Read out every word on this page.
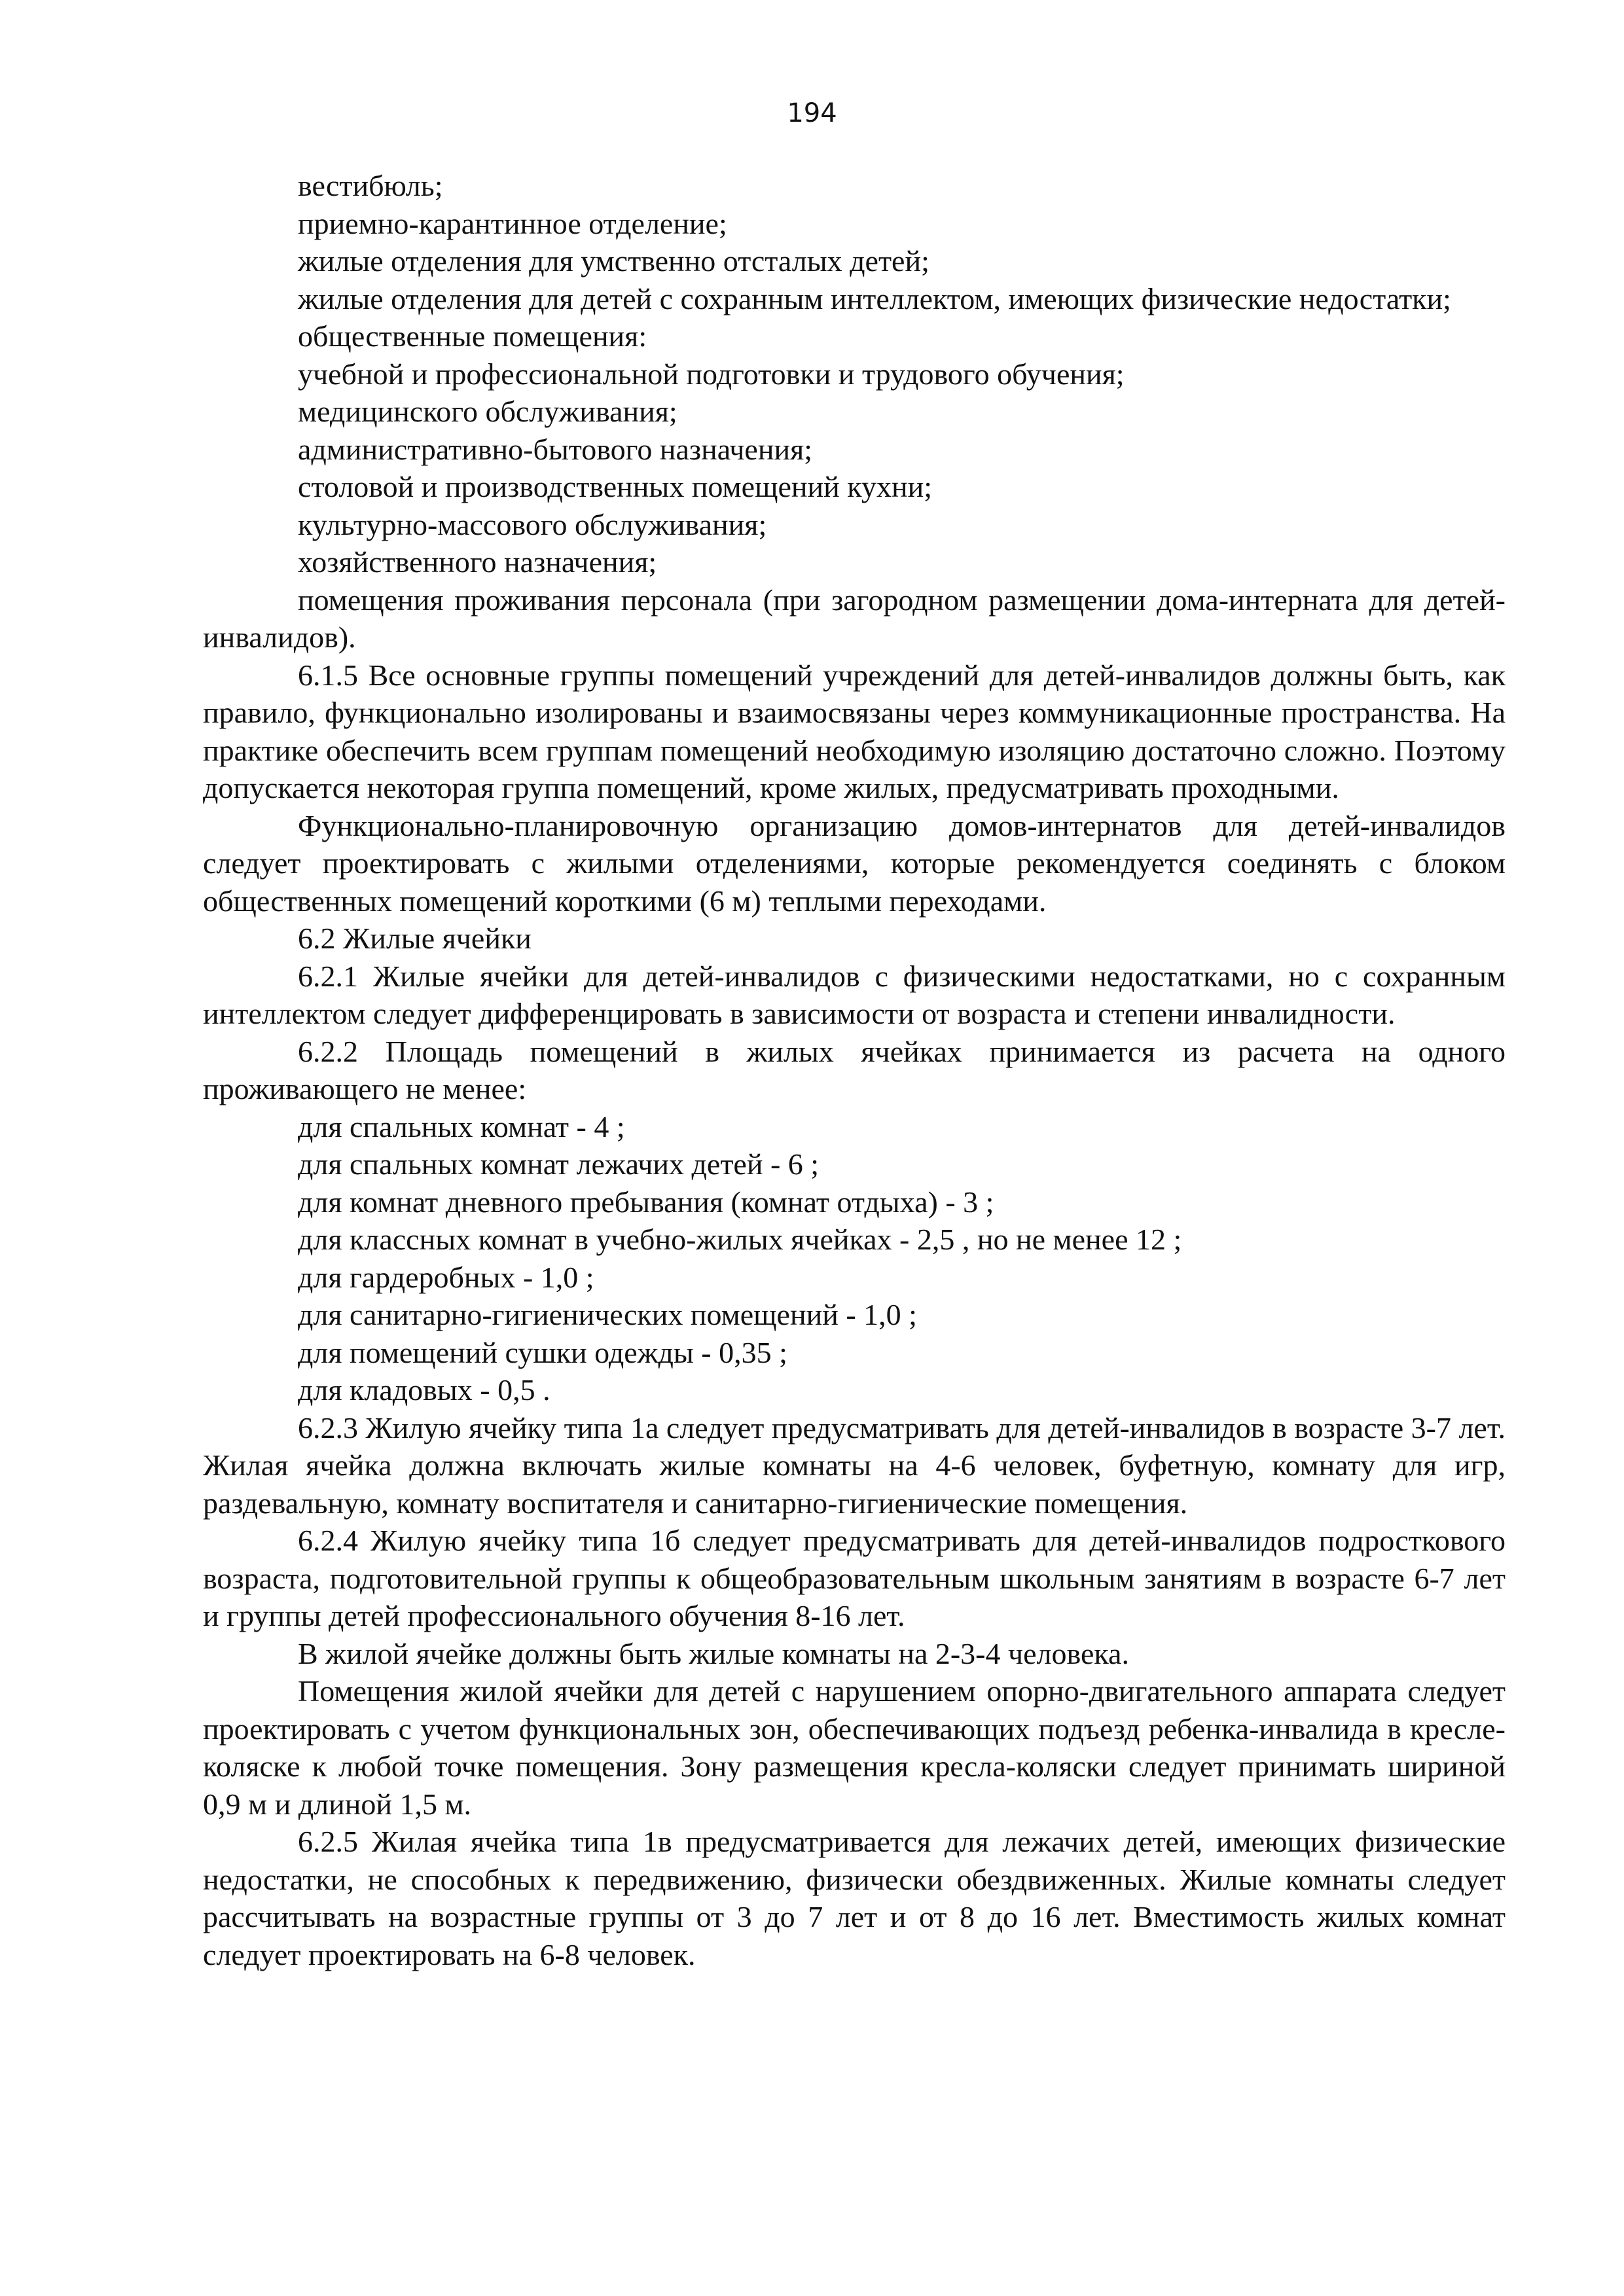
194

вестибюль;

приемно-карантинное отделение;

жилые отделения для умственно отсталых детей;

жилые отделения для детей с сохранным интеллектом, имеющих физические недостатки;

общественные помещения:

учебной и профессиональной подготовки и трудового обучения;

медицинского обслуживания;

административно-бытового назначения;

столовой и производственных помещений кухни;

культурно-массового обслуживания;

хозяйственного назначения;

помещения проживания персонала (при загородном размещении дома-интерната для детей-инвалидов).

6.1.5 Все основные группы помещений учреждений для детей-инвалидов должны быть, как правило, функционально изолированы и взаимосвязаны через коммуникационные пространства. На практике обеспечить всем группам помещений необходимую изоляцию достаточно сложно. Поэтому допускается некоторая группа помещений, кроме жилых, предусматривать проходными.

Функционально-планировочную организацию домов-интернатов для детей-инвалидов следует проектировать с жилыми отделениями, которые рекомендуется соединять с блоком общественных помещений короткими (6 м) теплыми переходами.

6.2 Жилые ячейки

6.2.1 Жилые ячейки для детей-инвалидов с физическими недостатками, но с сохранным интеллектом следует дифференцировать в зависимости от возраста и степени инвалидности.

6.2.2 Площадь помещений в жилых ячейках принимается из расчета на одного проживающего не менее:

для спальных комнат - 4 ;

для спальных комнат лежачих детей - 6 ;

для комнат дневного пребывания (комнат отдыха) - 3 ;

для классных комнат в учебно-жилых ячейках - 2,5 , но не менее 12 ;

для гардеробных - 1,0 ;

для санитарно-гигиенических помещений - 1,0 ;

для помещений сушки одежды - 0,35 ;

для кладовых - 0,5 .

6.2.3 Жилую ячейку типа 1а следует предусматривать для детей-инвалидов в возрасте 3-7 лет. Жилая ячейка должна включать жилые комнаты на 4-6 человек, буфетную, комнату для игр, раздевальную, комнату воспитателя и санитарно-гигиенические помещения.

6.2.4 Жилую ячейку типа 1б следует предусматривать для детей-инвалидов подросткового возраста, подготовительной группы к общеобразовательным школьным занятиям в возрасте 6-7 лет и группы детей профессионального обучения 8-16 лет.

В жилой ячейке должны быть жилые комнаты на 2-3-4 человека.

Помещения жилой ячейки для детей с нарушением опорно-двигательного аппарата следует проектировать с учетом функциональных зон, обеспечивающих подъезд ребенка-инвалида в кресле-коляске к любой точке помещения. Зону размещения кресла-коляски следует принимать шириной 0,9 м и длиной 1,5 м.

6.2.5 Жилая ячейка типа 1в предусматривается для лежачих детей, имеющих физические недостатки, не способных к передвижению, физически обездвиженных. Жилые комнаты следует рассчитывать на возрастные группы от 3 до 7 лет и от 8 до 16 лет. Вместимость жилых комнат следует проектировать на 6-8 человек.
